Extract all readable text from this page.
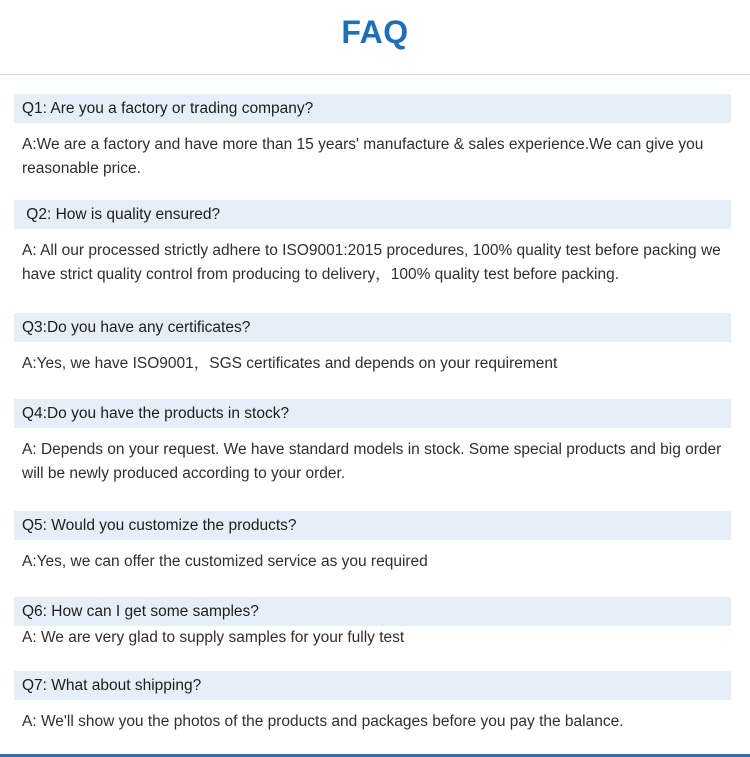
FAQ
Q1: Are you a factory or trading company?
A:We are a factory and have more than 15 years' manufacture & sales experience.We can give you reasonable price.
Q2: How is quality ensured?
A: All our processed strictly adhere to ISO9001:2015 procedures, 100% quality test before packing we have strict quality control from producing to delivery，100% quality test before packing.
Q3:Do you have any certificates?
A:Yes, we have ISO9001，SGS certificates and depends on your requirement
Q4:Do you have the products in stock?
A: Depends on your request. We have standard models in stock. Some special products and big order will be newly produced according to your order.
Q5: Would you customize the products?
A:Yes, we can offer the customized service as you required
Q6: How can I get some samples?
A: We are very glad to supply samples for your fully test
Q7: What about shipping?
A: We'll show you the photos of the products and packages before you pay the balance.
